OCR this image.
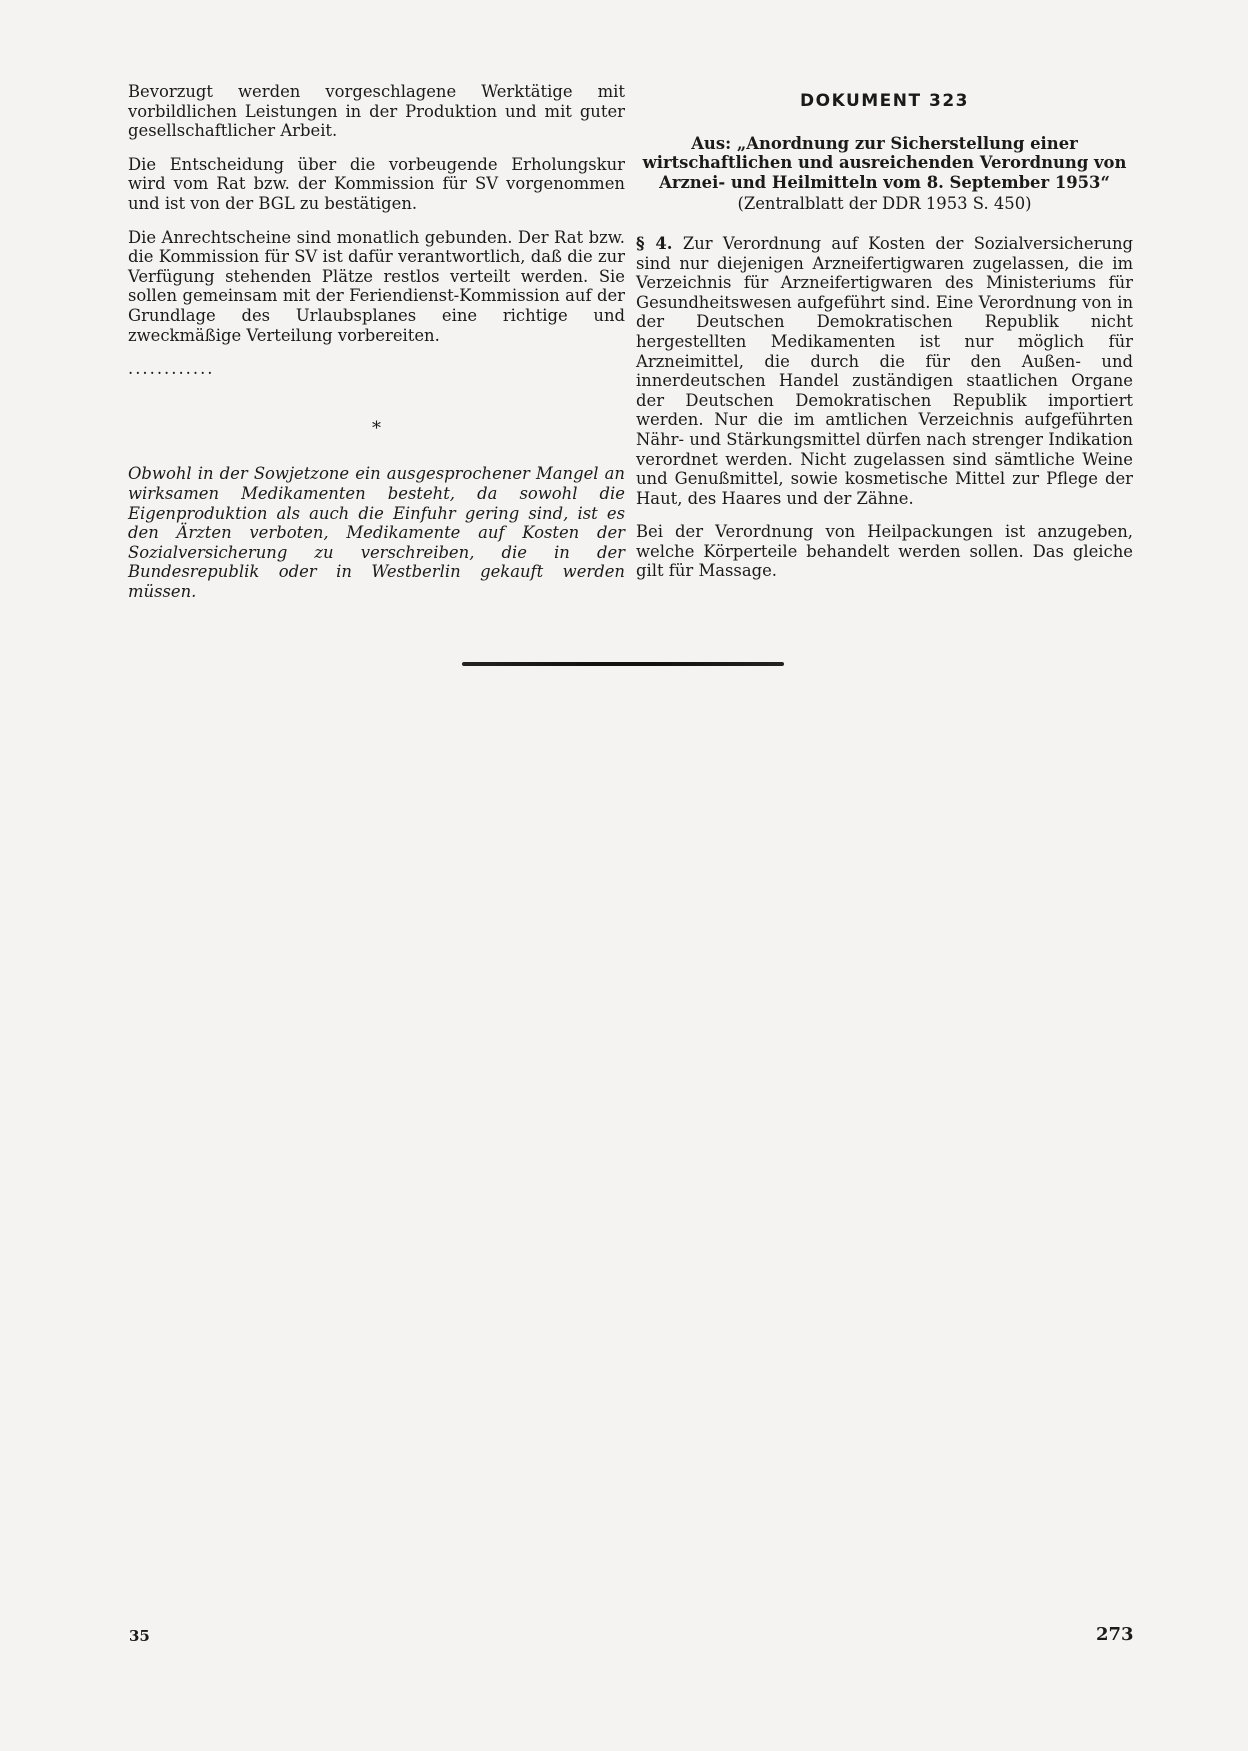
Bevorzugt werden vorgeschlagene Werktätige mit vorbildlichen Leistungen in der Produktion und mit guter gesellschaftlicher Arbeit.

Die Entscheidung über die vorbeugende Erholungskur wird vom Rat bzw. der Kommission für SV vorgenommen und ist von der BGL zu bestätigen.

Die Anrechtscheine sind monatlich gebunden. Der Rat bzw. die Kommission für SV ist dafür verantwortlich, daß die zur Verfügung stehenden Plätze restlos verteilt werden. Sie sollen gemeinsam mit der Feriendienst-Kommission auf der Grundlage des Urlaubsplanes eine richtige und zweckmäßige Verteilung vorbereiten.

............
*

Obwohl in der Sowjetzone ein ausgesprochener Mangel an wirksamen Medikamenten besteht, da sowohl die Eigenproduktion als auch die Einfuhr gering sind, ist es den Ärzten verboten, Medikamente auf Kosten der Sozialversicherung zu verschreiben, die in der Bundesrepublik oder in Westberlin gekauft werden müssen.

DOKUMENT 323
Aus: „Anordnung zur Sicherstellung einer wirtschaftlichen und ausreichenden Verordnung von Arznei- und Heilmitteln vom 8. September 1953“
(Zentralblatt der DDR 1953 S. 450)

§ 4. Zur Verordnung auf Kosten der Sozialversicherung sind nur diejenigen Arzneifertigwaren zugelassen, die im Verzeichnis für Arzneifertigwaren des Ministeriums für Gesundheitswesen aufgeführt sind. Eine Verordnung von in der Deutschen Demokratischen Republik nicht hergestellten Medikamenten ist nur möglich für Arzneimittel, die durch die für den Außen- und innerdeutschen Handel zuständigen staatlichen Organe der Deutschen Demokratischen Republik importiert werden. Nur die im amtlichen Verzeichnis aufgeführten Nähr- und Stärkungsmittel dürfen nach strenger Indikation verordnet werden. Nicht zugelassen sind sämtliche Weine und Genußmittel, sowie kosmetische Mittel zur Pflege der Haut, des Haares und der Zähne.

Bei der Verordnung von Heilpackungen ist anzugeben, welche Körperteile behandelt werden sollen. Das gleiche gilt für Massage.

35	273
